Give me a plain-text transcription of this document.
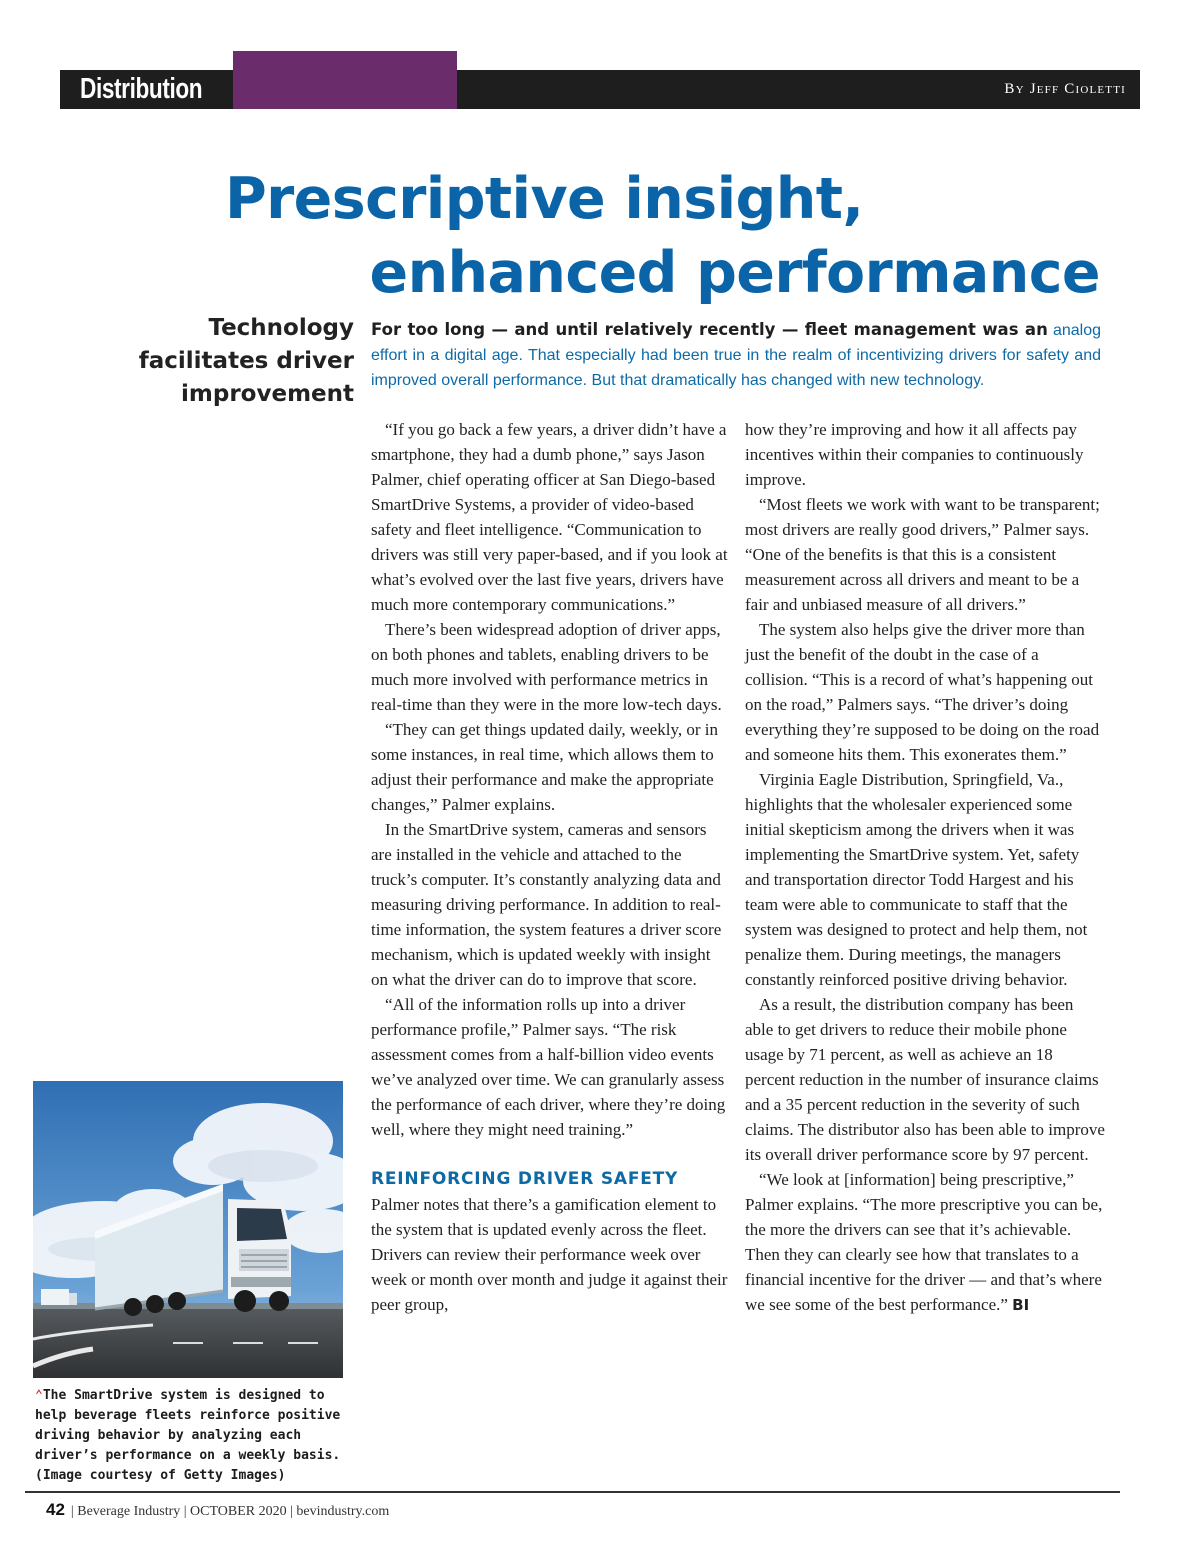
Distribution	By Jeff Cioletti
Prescriptive insight,
enhanced performance
Technology
facilitates driver
improvement

For too long — and until relatively recently — fleet management was an analog effort in a digital age. That especially had been true in the realm of incentivizing drivers for safety and improved overall performance. But that dramatically has changed with new technology.

“If you go back a few years, a driver didn’t have a smartphone, they had a dumb phone,” says Jason Palmer, chief operating officer at San Diego-based SmartDrive Systems, a provider of video-based safety and fleet intelligence. “Communication to drivers was still very paper-based, and if you look at what’s evolved over the last five years, drivers have much more contemporary communications.”

There’s been widespread adoption of driver apps, on both phones and tablets, enabling drivers to be much more involved with performance metrics in real-time than they were in the more low-tech days.

“They can get things updated daily, weekly, or in some instances, in real time, which allows them to adjust their performance and make the appropriate changes,” Palmer explains.

In the SmartDrive system, cameras and sensors are installed in the vehicle and attached to the truck’s computer. It’s constantly analyzing data and measuring driving performance. In addition to real-time information, the system features a driver score mechanism, which is updated weekly with insight on what the driver can do to improve that score.

“All of the information rolls up into a driver performance profile,” Palmer says. “The risk assessment comes from a half-billion video events we’ve analyzed over time. We can granularly assess the performance of each driver, where they’re doing well, where they might need training.”

REINFORCING DRIVER SAFETY

Palmer notes that there’s a gamification element to the system that is updated evenly across the fleet. Drivers can review their performance week over week or month over month and judge it against their peer group,

how they’re improving and how it all affects pay incentives within their companies to continuously improve.

“Most fleets we work with want to be transparent; most drivers are really good drivers,” Palmer says. “One of the benefits is that this is a consistent measurement across all drivers and meant to be a fair and unbiased measure of all drivers.”

The system also helps give the driver more than just the benefit of the doubt in the case of a collision. “This is a record of what’s happening out on the road,” Palmers says. “The driver’s doing everything they’re supposed to be doing on the road and someone hits them. This exonerates them.”

Virginia Eagle Distribution, Springfield, Va., highlights that the wholesaler experienced some initial skepticism among the drivers when it was implementing the SmartDrive system. Yet, safety and transportation director Todd Hargest and his team were able to communicate to staff that the system was designed to protect and help them, not penalize them. During meetings, the managers constantly reinforced positive driving behavior.

As a result, the distribution company has been able to get drivers to reduce their mobile phone usage by 71 percent, as well as achieve an 18 percent reduction in the number of insurance claims and a 35 percent reduction in the severity of such claims. The distributor also has been able to improve its overall driver performance score by 97 percent.

“We look at [information] being prescriptive,” Palmer explains. “The more prescriptive you can be, the more the drivers can see that it’s achievable. Then they can clearly see how that translates to a financial incentive for the driver — and that’s where we see some of the best performance.” BI

⌃The SmartDrive system is designed to help beverage fleets reinforce positive driving behavior by analyzing each driver’s performance on a weekly basis. (Image courtesy of Getty Images)

42 | Beverage Industry | OCTOBER 2020 | bevindustry.com
